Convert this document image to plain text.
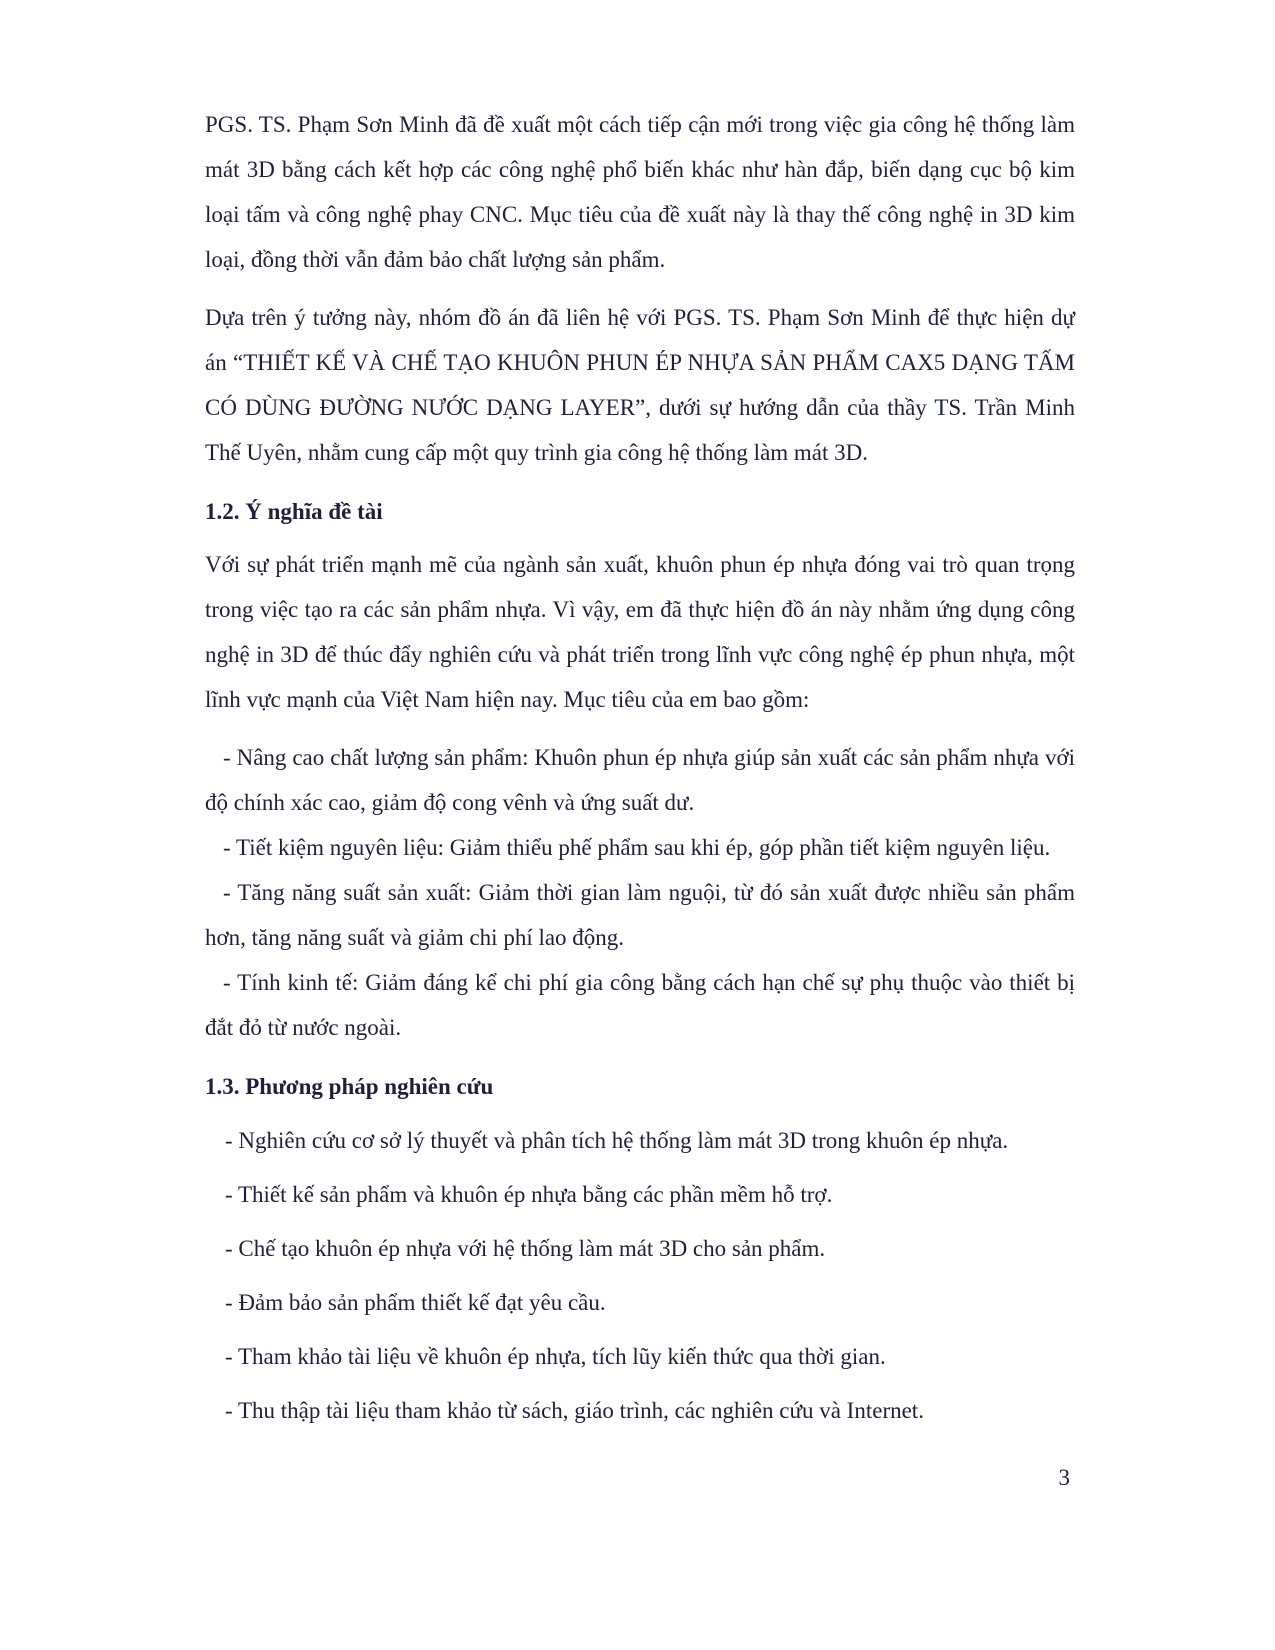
PGS. TS. Phạm Sơn Minh đã đề xuất một cách tiếp cận mới trong việc gia công hệ thống làm mát 3D bằng cách kết hợp các công nghệ phổ biến khác như hàn đắp, biến dạng cục bộ kim loại tấm và công nghệ phay CNC. Mục tiêu của đề xuất này là thay thế công nghệ in 3D kim loại, đồng thời vẫn đảm bảo chất lượng sản phẩm.

Dựa trên ý tưởng này, nhóm đồ án đã liên hệ với PGS. TS. Phạm Sơn Minh để thực hiện dự án “THIẾT KẾ VÀ CHẾ TẠO KHUÔN PHUN ÉP NHỰA SẢN PHẨM CAX5 DẠNG TẤM CÓ DÙNG ĐƯỜNG NƯỚC DẠNG LAYER”, dưới sự hướng dẫn của thầy TS. Trần Minh Thế Uyên, nhằm cung cấp một quy trình gia công hệ thống làm mát 3D.

1.2. Ý nghĩa đề tài

Với sự phát triển mạnh mẽ của ngành sản xuất, khuôn phun ép nhựa đóng vai trò quan trọng trong việc tạo ra các sản phẩm nhựa. Vì vậy, em đã thực hiện đồ án này nhằm ứng dụng công nghệ in 3D để thúc đẩy nghiên cứu và phát triển trong lĩnh vực công nghệ ép phun nhựa, một lĩnh vực mạnh của Việt Nam hiện nay. Mục tiêu của em bao gồm:

- Nâng cao chất lượng sản phẩm: Khuôn phun ép nhựa giúp sản xuất các sản phẩm nhựa với độ chính xác cao, giảm độ cong vênh và ứng suất dư.

- Tiết kiệm nguyên liệu: Giảm thiểu phế phẩm sau khi ép, góp phần tiết kiệm nguyên liệu.

- Tăng năng suất sản xuất: Giảm thời gian làm nguội, từ đó sản xuất được nhiều sản phẩm hơn, tăng năng suất và giảm chi phí lao động.

- Tính kinh tế: Giảm đáng kể chi phí gia công bằng cách hạn chế sự phụ thuộc vào thiết bị đắt đỏ từ nước ngoài.

1.3. Phương pháp nghiên cứu

- Nghiên cứu cơ sở lý thuyết và phân tích hệ thống làm mát 3D trong khuôn ép nhựa.

- Thiết kế sản phẩm và khuôn ép nhựa bằng các phần mềm hỗ trợ.

- Chế tạo khuôn ép nhựa với hệ thống làm mát 3D cho sản phẩm.

- Đảm bảo sản phẩm thiết kế đạt yêu cầu.

- Tham khảo tài liệu về khuôn ép nhựa, tích lũy kiến thức qua thời gian.

- Thu thập tài liệu tham khảo từ sách, giáo trình, các nghiên cứu và Internet.

3
